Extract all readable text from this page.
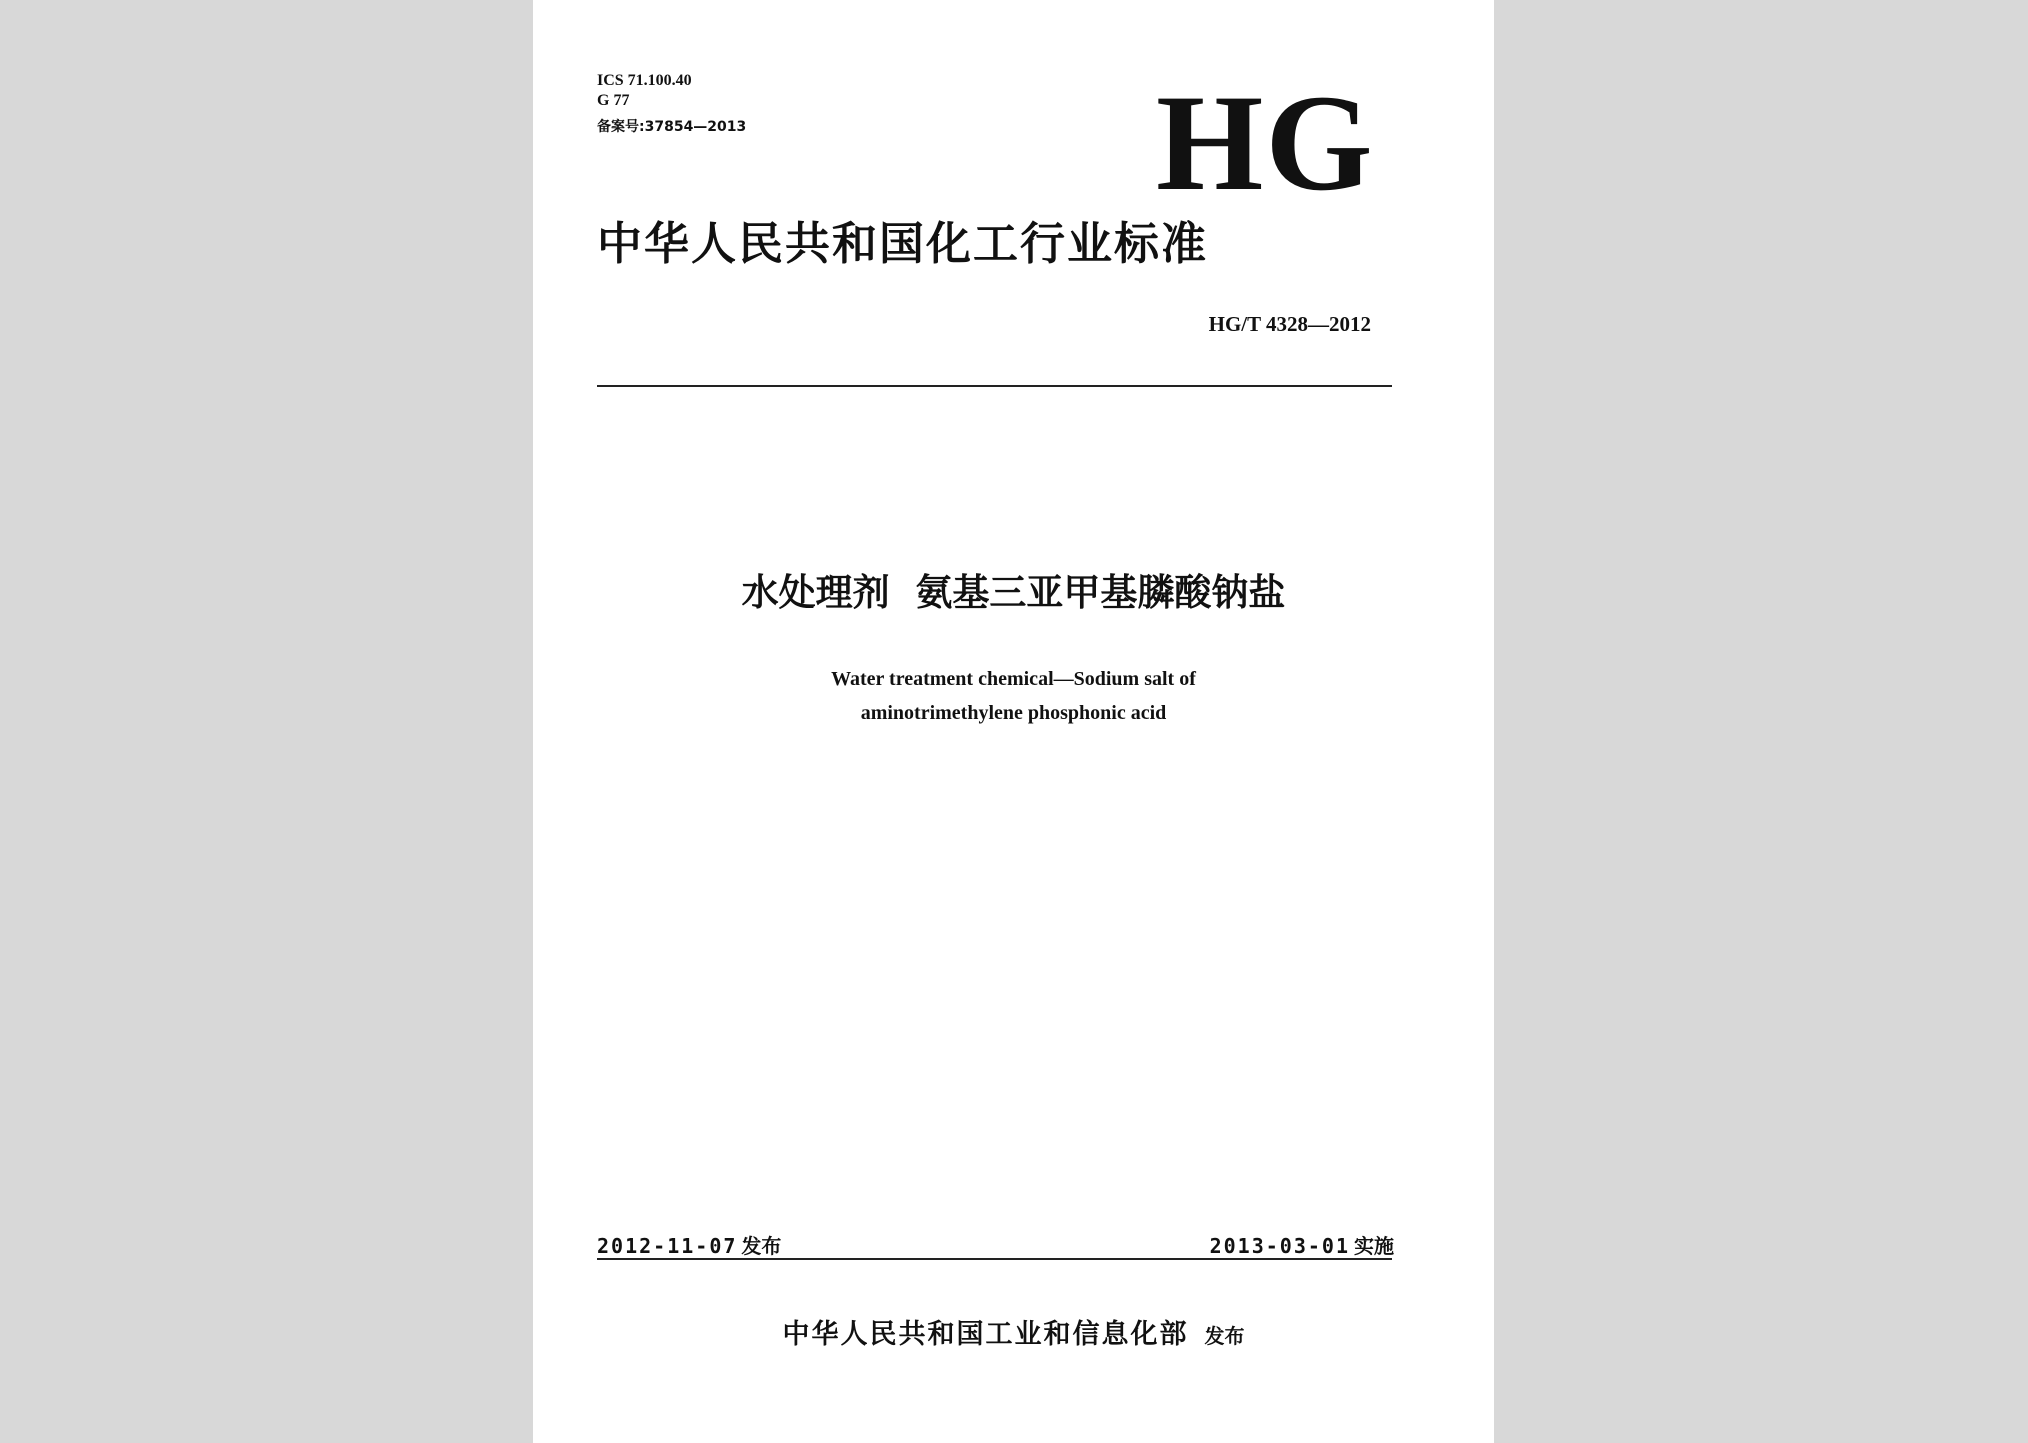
ICS 71.100.40
G 77
备案号:37854—2013	HG
中华人民共和国化工行业标准
HG/T 4328—2012
水处理剂  氨基三亚甲基膦酸钠盐
Water treatment chemical—Sodium salt of
aminotrimethylene phosphonic acid
2012-11-07 发布	2013-03-01 实施
中华人民共和国工业和信息化部 发布
